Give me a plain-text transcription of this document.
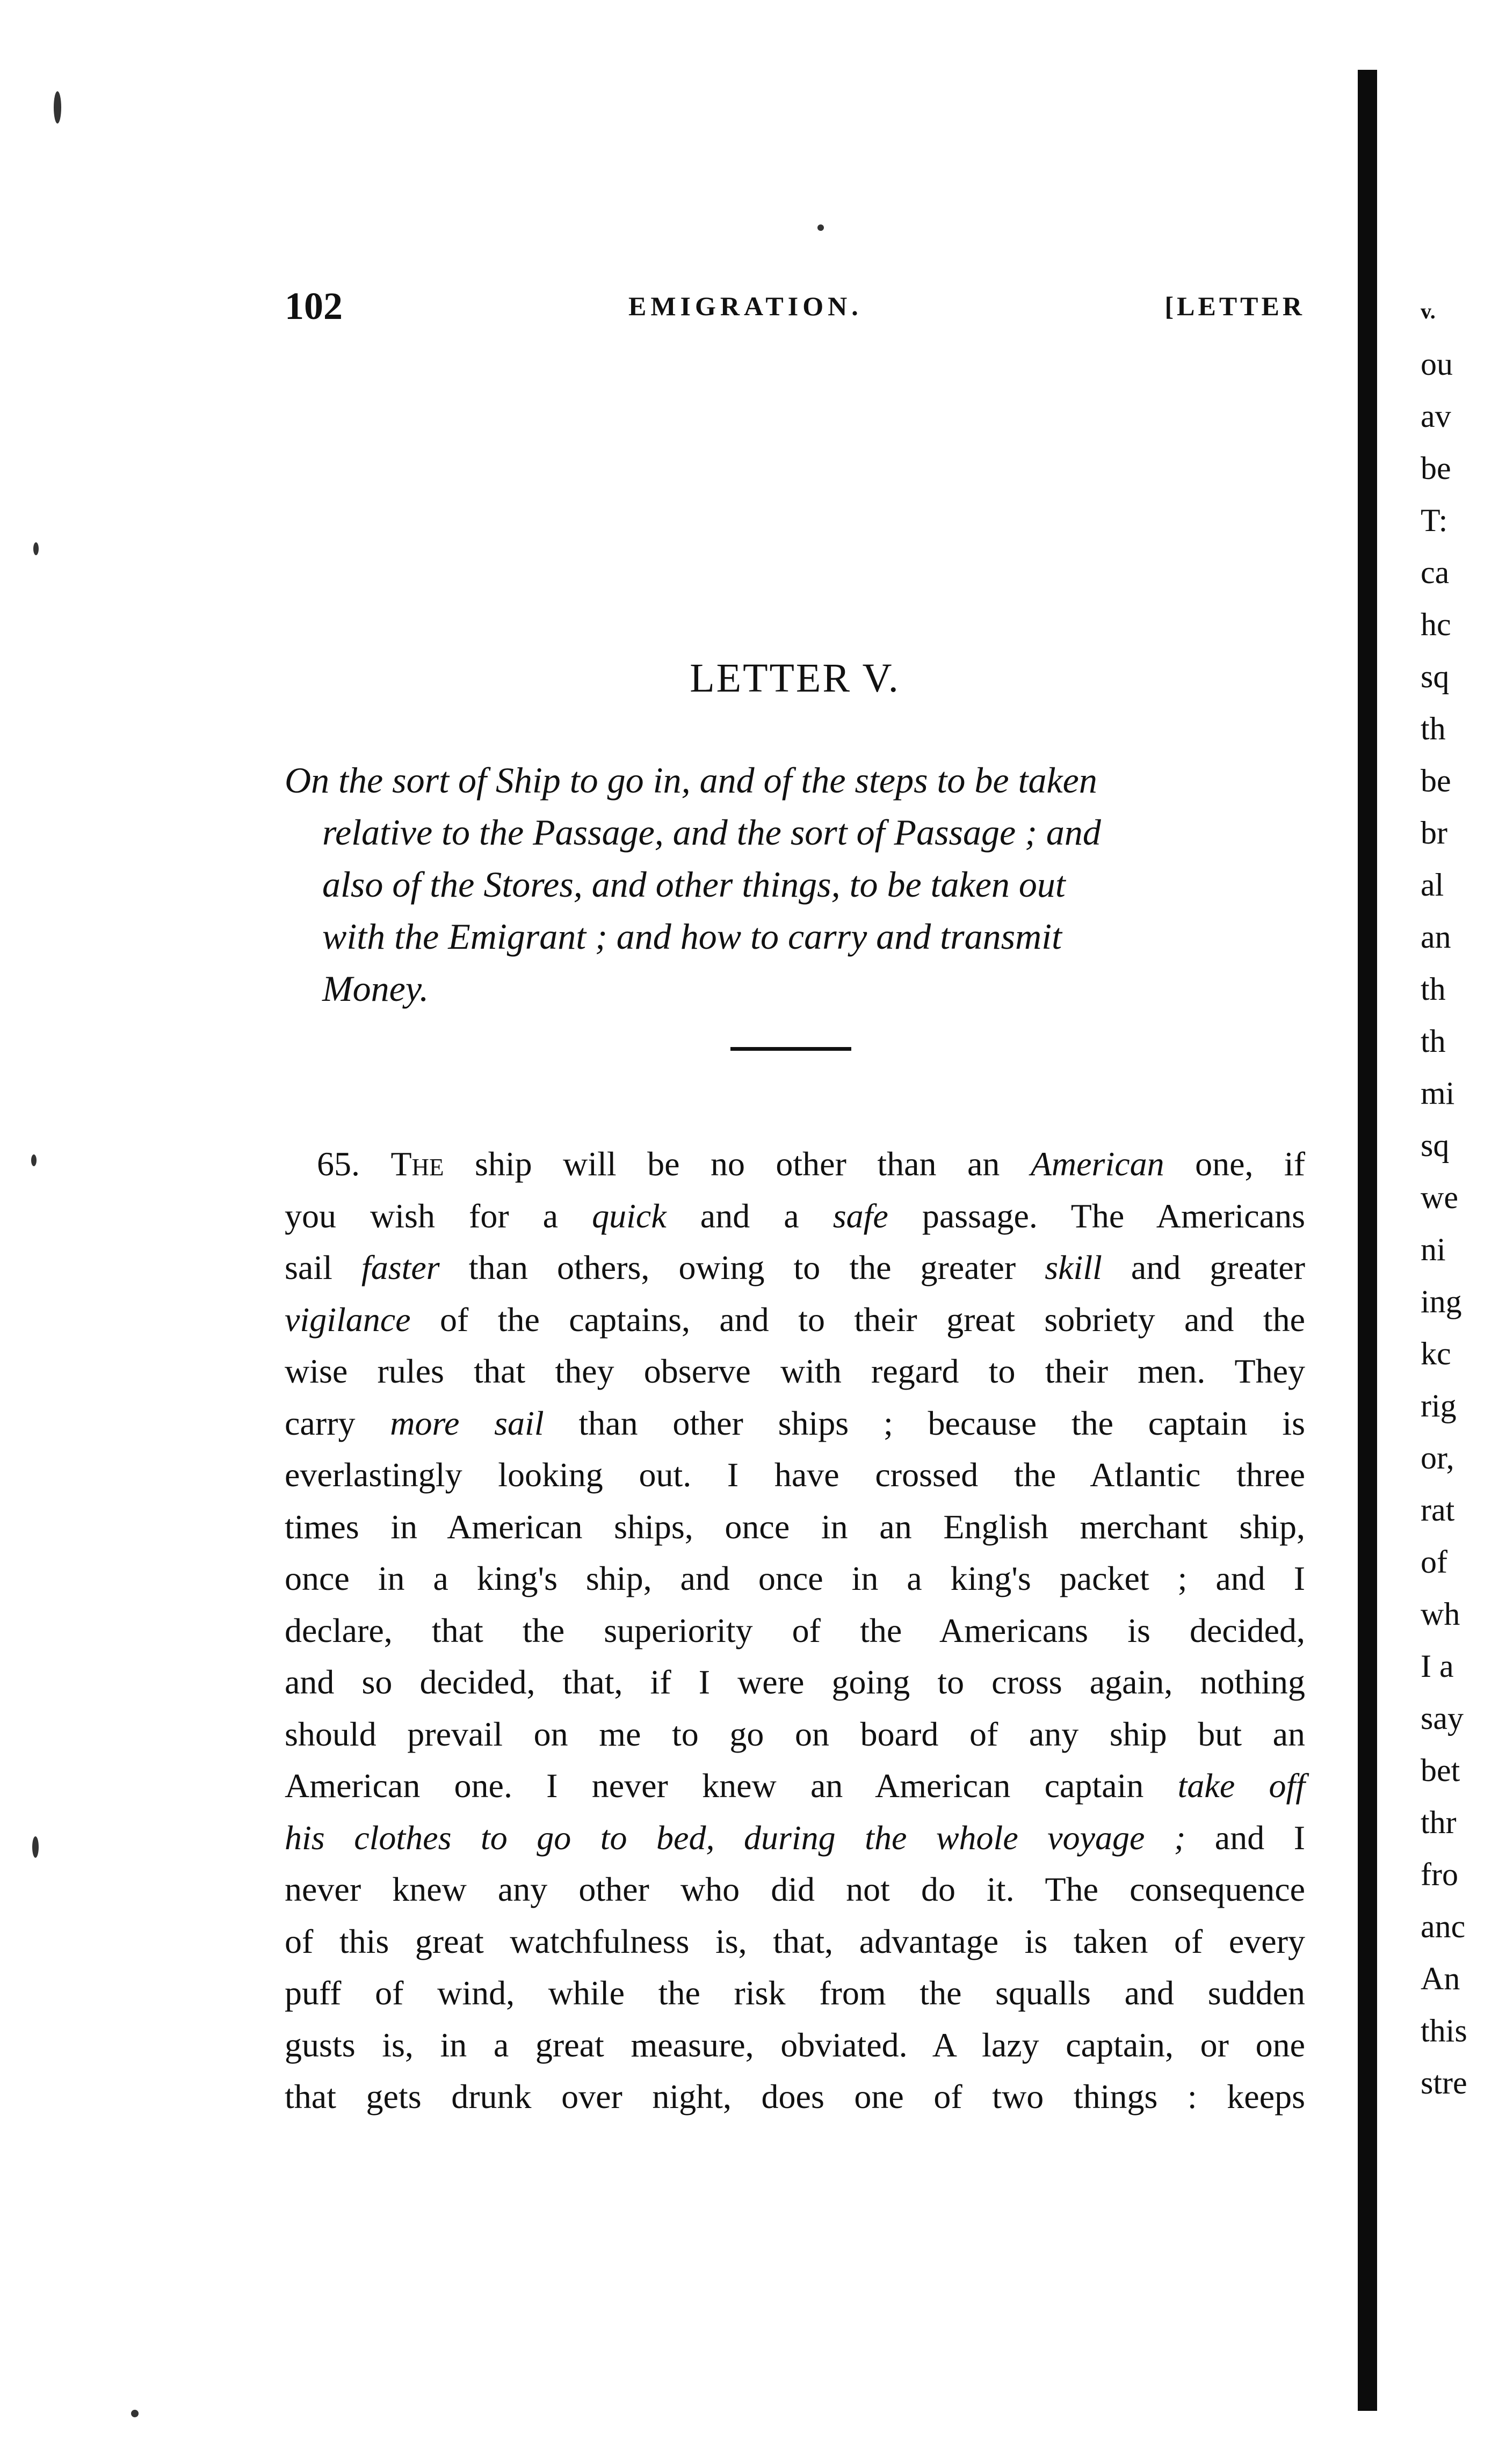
102	EMIGRATION.	[LETTER
LETTER V.
On the sort of Ship to go in, and of the steps to be taken
relative to the Passage, and the sort of Passage ; and
also of the Stores, and other things, to be taken out
with the Emigrant ; and how to carry and transmit
Money.
65. The ship will be no other than an American one, if
you wish for a quick and a safe passage. The Americans
sail faster than others, owing to the greater skill and greater
vigilance of the captains, and to their great sobriety and the
wise rules that they observe with regard to their men. They
carry more sail than other ships ; because the captain is
everlastingly looking out. I have crossed the Atlantic three
times in American ships, once in an English merchant ship,
once in a king's ship, and once in a king's packet ; and I
declare, that the superiority of the Americans is decided,
and so decided, that, if I were going to cross again, nothing
should prevail on me to go on board of any ship but an
American one. I never knew an American captain take off
his clothes to go to bed, during the whole voyage ; and I
never knew any other who did not do it. The consequence
of this great watchfulness is, that, advantage is taken of every
puff of wind, while the risk from the squalls and sudden
gusts is, in a great measure, obviated. A lazy captain, or one
that gets drunk over night, does one of two things : keeps
v.
ou
av
be
T:
ca
hc
sq
th
be
br
al
an
th
th
mi
sq
we
ni
ing
kc
rig
or,
rat
of
wh
I a
say
bet
thr
fro
anc
An
this
stre
